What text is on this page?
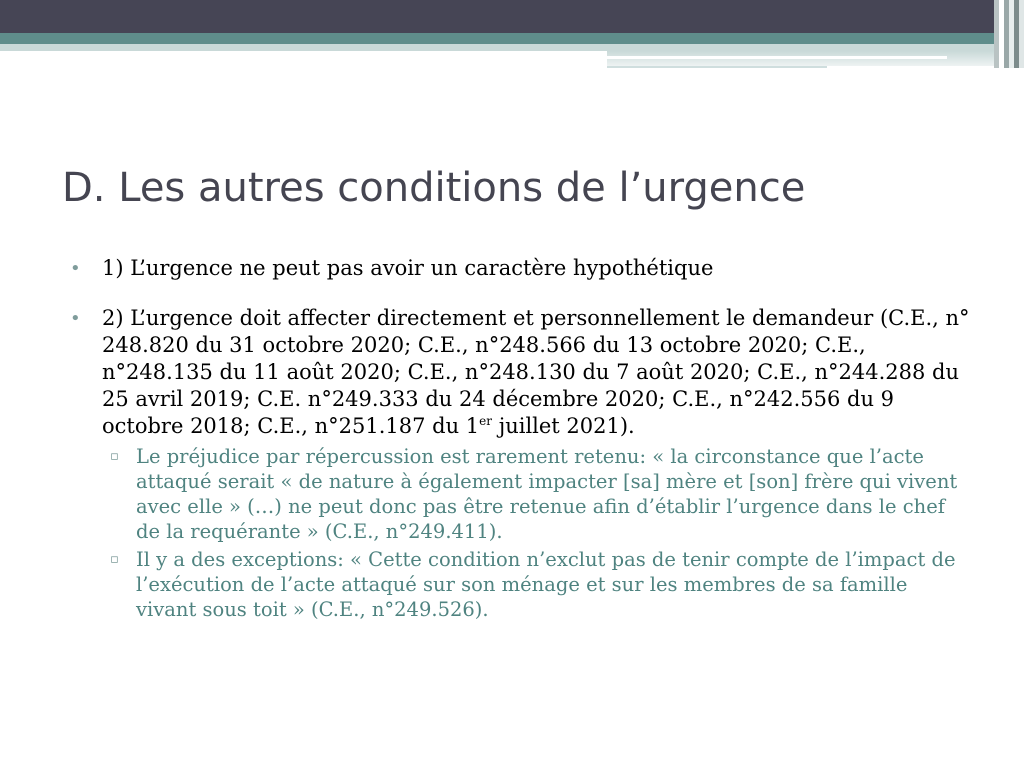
D. Les autres conditions de l’urgence
•	1) L’urgence ne peut pas avoir un caractère hypothétique
•	2) L’urgence doit affecter directement et personnellement le demandeur (C.E., n° 248.820 du 31 octobre 2020; C.E., n°248.566 du 13 octobre 2020; C.E., n°248.135 du 11 août 2020; C.E., n°248.130 du 7 août 2020; C.E., n°244.288 du 25 avril 2019; C.E. n°249.333 du 24 décembre 2020; C.E., n°242.556 du 9 octobre 2018; C.E., n°251.187 du 1er juillet 2021).

▫ Le préjudice par répercussion est rarement retenu: « la circonstance que l’acte attaqué serait « de nature à également impacter [sa] mère et [son] frère qui vivent avec elle » (…) ne peut donc pas être retenue afin d’établir l’urgence dans le chef de la requérante » (C.E., n°249.411).
▫ Il y a des exceptions: « Cette condition n’exclut pas de tenir compte de l’impact de l’exécution de l’acte attaqué sur son ménage et sur les membres de sa famille vivant sous toit » (C.E., n°249.526).
